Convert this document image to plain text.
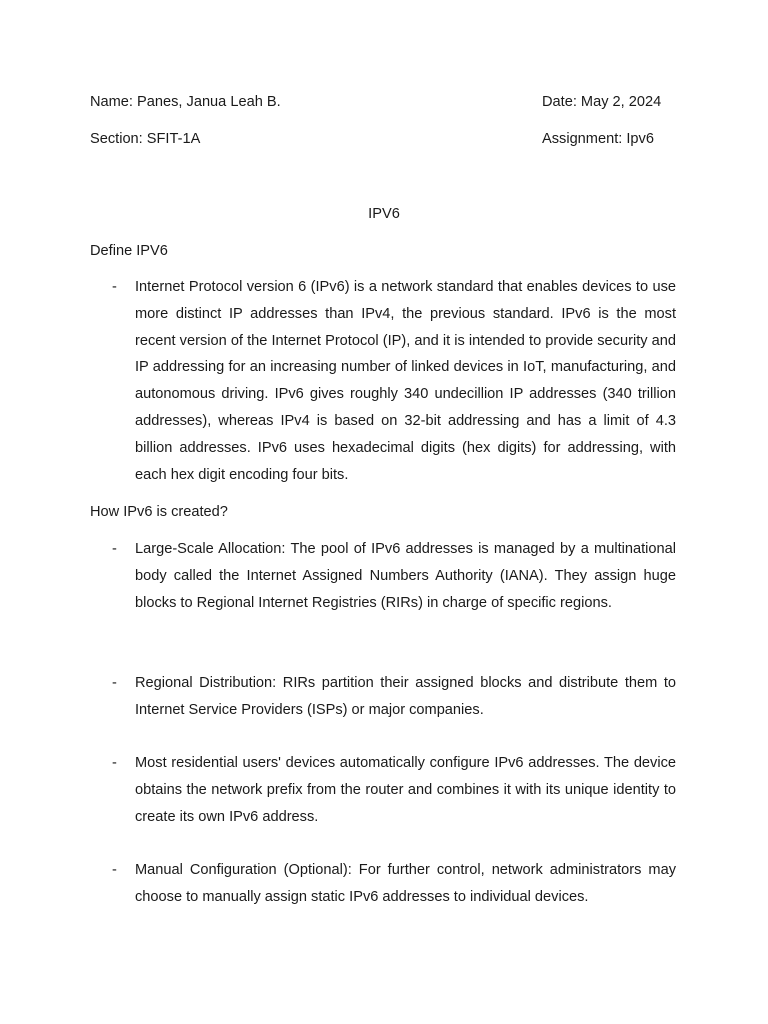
Name: Panes, Janua Leah B.	Date: May 2, 2024
Section: SFIT-1A	Assignment: Ipv6
IPV6
Define IPV6
- Internet Protocol version 6 (IPv6) is a network standard that enables devices to use more distinct IP addresses than IPv4, the previous standard. IPv6 is the most recent version of the Internet Protocol (IP), and it is intended to provide security and IP addressing for an increasing number of linked devices in IoT, manufacturing, and autonomous driving. IPv6 gives roughly 340 undecillion IP addresses (340 trillion addresses), whereas IPv4 is based on 32-bit addressing and has a limit of 4.3 billion addresses. IPv6 uses hexadecimal digits (hex digits) for addressing, with each hex digit encoding four bits.
How IPv6 is created?
- Large-Scale Allocation: The pool of IPv6 addresses is managed by a multinational body called the Internet Assigned Numbers Authority (IANA). They assign huge blocks to Regional Internet Registries (RIRs) in charge of specific regions.
- Regional Distribution: RIRs partition their assigned blocks and distribute them to Internet Service Providers (ISPs) or major companies.
- Most residential users' devices automatically configure IPv6 addresses. The device obtains the network prefix from the router and combines it with its unique identity to create its own IPv6 address.
- Manual Configuration (Optional): For further control, network administrators may choose to manually assign static IPv6 addresses to individual devices.
